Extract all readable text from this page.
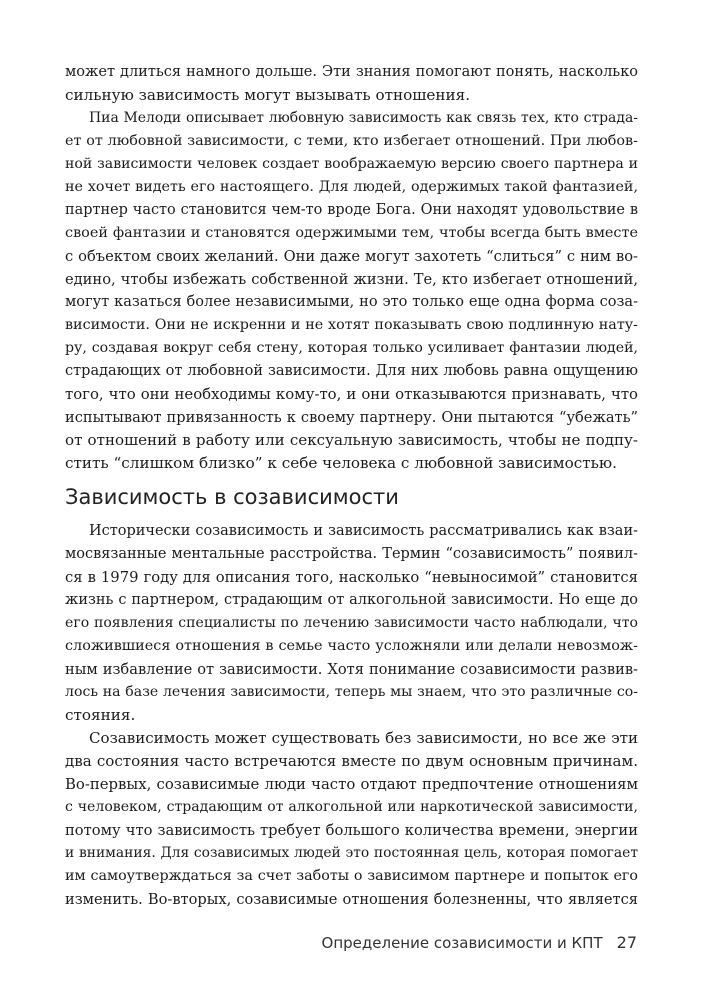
может длиться намного дольше. Эти знания помогают понять, насколько
сильную зависимость могут вызывать отношения.
Пиа Мелоди описывает любовную зависимость как связь тех, кто страда-
ет от любовной зависимости, с теми, кто избегает отношений. При любов-
ной зависимости человек создает воображаемую версию своего партнера и
не хочет видеть его настоящего. Для людей, одержимых такой фантазией,
партнер часто становится чем-то вроде Бога. Они находят удовольствие в
своей фантазии и становятся одержимыми тем, чтобы всегда быть вместе
с объектом своих желаний. Они даже могут захотеть “слиться” с ним во-
едино, чтобы избежать собственной жизни. Те, кто избегает отношений,
могут казаться более независимыми, но это только еще одна форма соза-
висимости. Они не искренни и не хотят показывать свою подлинную нату-
ру, создавая вокруг себя стену, которая только усиливает фантазии людей,
страдающих от любовной зависимости. Для них любовь равна ощущению
того, что они необходимы кому-то, и они отказываются признавать, что
испытывают привязанность к своему партнеру. Они пытаются “убежать”
от отношений в работу или сексуальную зависимость, чтобы не подпу-
стить “слишком близко” к себе человека с любовной зависимостью.
Зависимость в созависимости
Исторически созависимость и зависимость рассматривались как взаи-
мосвязанные ментальные расстройства. Термин “созависимость” появил-
ся в 1979 году для описания того, насколько “невыносимой” становится
жизнь с партнером, страдающим от алкогольной зависимости. Но еще до
его появления специалисты по лечению зависимости часто наблюдали, что
сложившиеся отношения в семье часто усложняли или делали невозмож-
ным избавление от зависимости. Хотя понимание созависимости развив-
лось на базе лечения зависимости, теперь мы знаем, что это различные со-
стояния.
Созависимость может существовать без зависимости, но все же эти
два состояния часто встречаются вместе по двум основным причинам.
Во-первых, созависимые люди часто отдают предпочтение отношениям
с человеком, страдающим от алкогольной или наркотической зависимости,
потому что зависимость требует большого количества времени, энергии
и внимания. Для созависимых людей это постоянная цель, которая помогает
им самоутверждаться за счет заботы о зависимом партнере и попыток его
изменить. Во-вторых, созависимые отношения болезненны, что является
Определение созависимости и КПТ 27
